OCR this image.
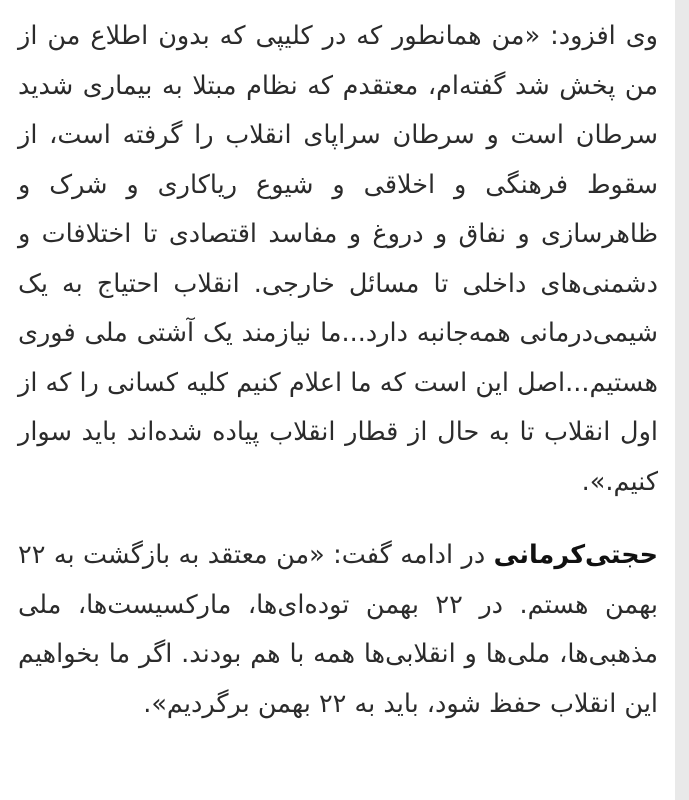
وی افزود: «من همانطور که در کلیپی که بدون اطلاع من از من پخش شد گفته‌ام، معتقدم که نظام مبتلا به بیماری شدید سرطان است و سرطان سراپای انقلاب را گرفته است، از سقوط فرهنگی و اخلاقی و شیوع ریاکاری و شرک و ظاهرسازی و نفاق و دروغ و مفاسد اقتصادی تا اختلافات و دشمنی‌های داخلی تا مسائل خارجی. انقلاب احتیاج به یک شیمی‌درمانی همه‌جانبه دارد...ما نیازمند یک آشتی ملی فوری هستیم...اصل این است که ما اعلام کنیم کلیه کسانی را که از اول انقلاب تا به حال از قطار انقلاب پیاده شده‌اند باید سوار کنیم.».

حجتی‌کرمانی در ادامه گفت: «من معتقد به بازگشت به ۲۲ بهمن هستم. در ۲۲ بهمن توده‌ای‌ها، مارکسیست‌ها، ملی مذهبی‌ها، ملی‌ها و انقلابی‌ها همه با هم بودند. اگر ما بخواهیم این انقلاب حفظ شود، باید به ۲۲ بهمن برگردیم».
